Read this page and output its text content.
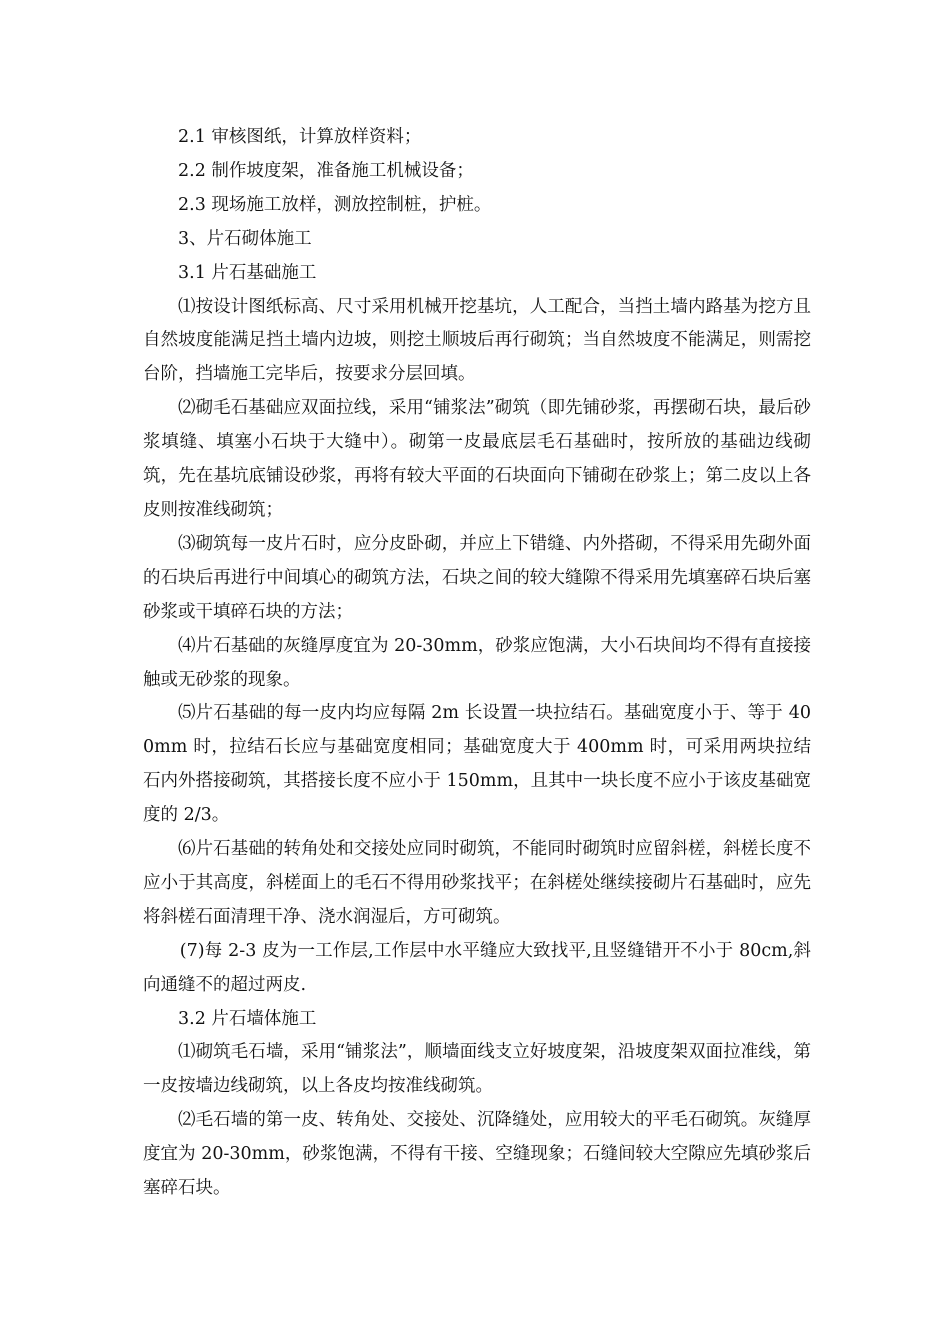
2.1 审核图纸，计算放样资料；

2.2 制作坡度架，准备施工机械设备；

2.3 现场施工放样，测放控制桩，护桩。

3、片石砌体施工

3.1 片石基础施工

⑴按设计图纸标高、尺寸采用机械开挖基坑，人工配合，当挡土墙内路基为挖方且自然坡度能满足挡土墙内边坡，则挖土顺坡后再行砌筑；当自然坡度不能满足，则需挖台阶，挡墙施工完毕后，按要求分层回填。

⑵砌毛石基础应双面拉线，采用“铺浆法”砌筑（即先铺砂浆，再摆砌石块，最后砂浆填缝、填塞小石块于大缝中）。砌第一皮最底层毛石基础时，按所放的基础边线砌筑，先在基坑底铺设砂浆，再将有较大平面的石块面向下铺砌在砂浆上；第二皮以上各皮则按准线砌筑；

⑶砌筑每一皮片石时，应分皮卧砌，并应上下错缝、内外搭砌，不得采用先砌外面的石块后再进行中间填心的砌筑方法，石块之间的较大缝隙不得采用先填塞碎石块后塞砂浆或干填碎石块的方法；

⑷片石基础的灰缝厚度宜为 20-30mm，砂浆应饱满，大小石块间均不得有直接接触或无砂浆的现象。

⑸片石基础的每一皮内均应每隔 2m 长设置一块拉结石。基础宽度小于、等于 400mm 时，拉结石长应与基础宽度相同；基础宽度大于 400mm 时，可采用两块拉结石内外搭接砌筑，其搭接长度不应小于 150mm，且其中一块长度不应小于该皮基础宽度的 2/3。

⑹片石基础的转角处和交接处应同时砌筑，不能同时砌筑时应留斜槎，斜槎长度不应小于其高度，斜槎面上的毛石不得用砂浆找平；在斜槎处继续接砌片石基础时，应先将斜槎石面清理干净、浇水润湿后，方可砌筑。

(7)每 2-3 皮为一工作层,工作层中水平缝应大致找平,且竖缝错开不小于 80cm,斜向通缝不的超过两皮.

3.2 片石墙体施工

⑴砌筑毛石墙，采用“铺浆法”，顺墙面线支立好坡度架，沿坡度架双面拉准线，第一皮按墙边线砌筑，以上各皮均按准线砌筑。

⑵毛石墙的第一皮、转角处、交接处、沉降缝处，应用较大的平毛石砌筑。灰缝厚度宜为 20-30mm，砂浆饱满，不得有干接、空缝现象；石缝间较大空隙应先填砂浆后塞碎石块。
